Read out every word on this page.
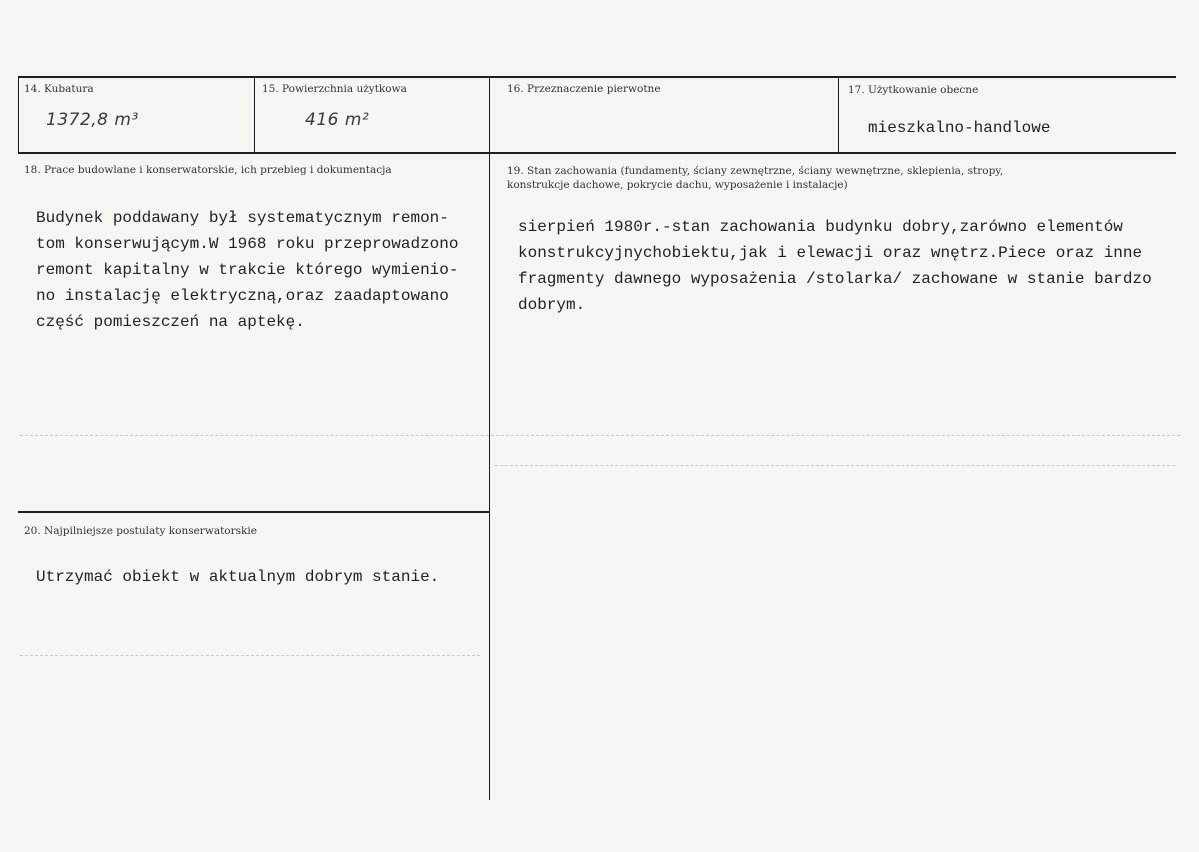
14. Kubatura
1372,8 m³
15. Powierzchnia użytkowa
416 m²
16. Przeznaczenie pierwotne	17. Użytkowanie obecne
mieszkalno-handlowe
18. Prace budowlane i konserwatorskie, ich przebieg i dokumentacja
Budynek poddawany był systematycznym remon-
tom konserwującym.W 1968 roku przeprowadzono
remont kapitalny w trakcie którego wymienio-
no instalację elektryczną,oraz zaadaptowano
część pomieszczeń na aptekę.
19. Stan zachowania (fundamenty, ściany zewnętrzne, ściany wewnętrzne, sklepienia, stropy,
konstrukcje dachowe, pokrycie dachu, wyposażenie i instalacje)
sierpień 1980r.-stan zachowania budynku dobry,zarówno elementów
konstrukcyjnychobiektu,jak i elewacji oraz wnętrz.Piece oraz inne
fragmenty dawnego wyposażenia /stolarka/ zachowane w stanie bardzo
dobrym.
20. Najpilniejsze postulaty konserwatorskie
Utrzymać obiekt w aktualnym dobrym stanie.
